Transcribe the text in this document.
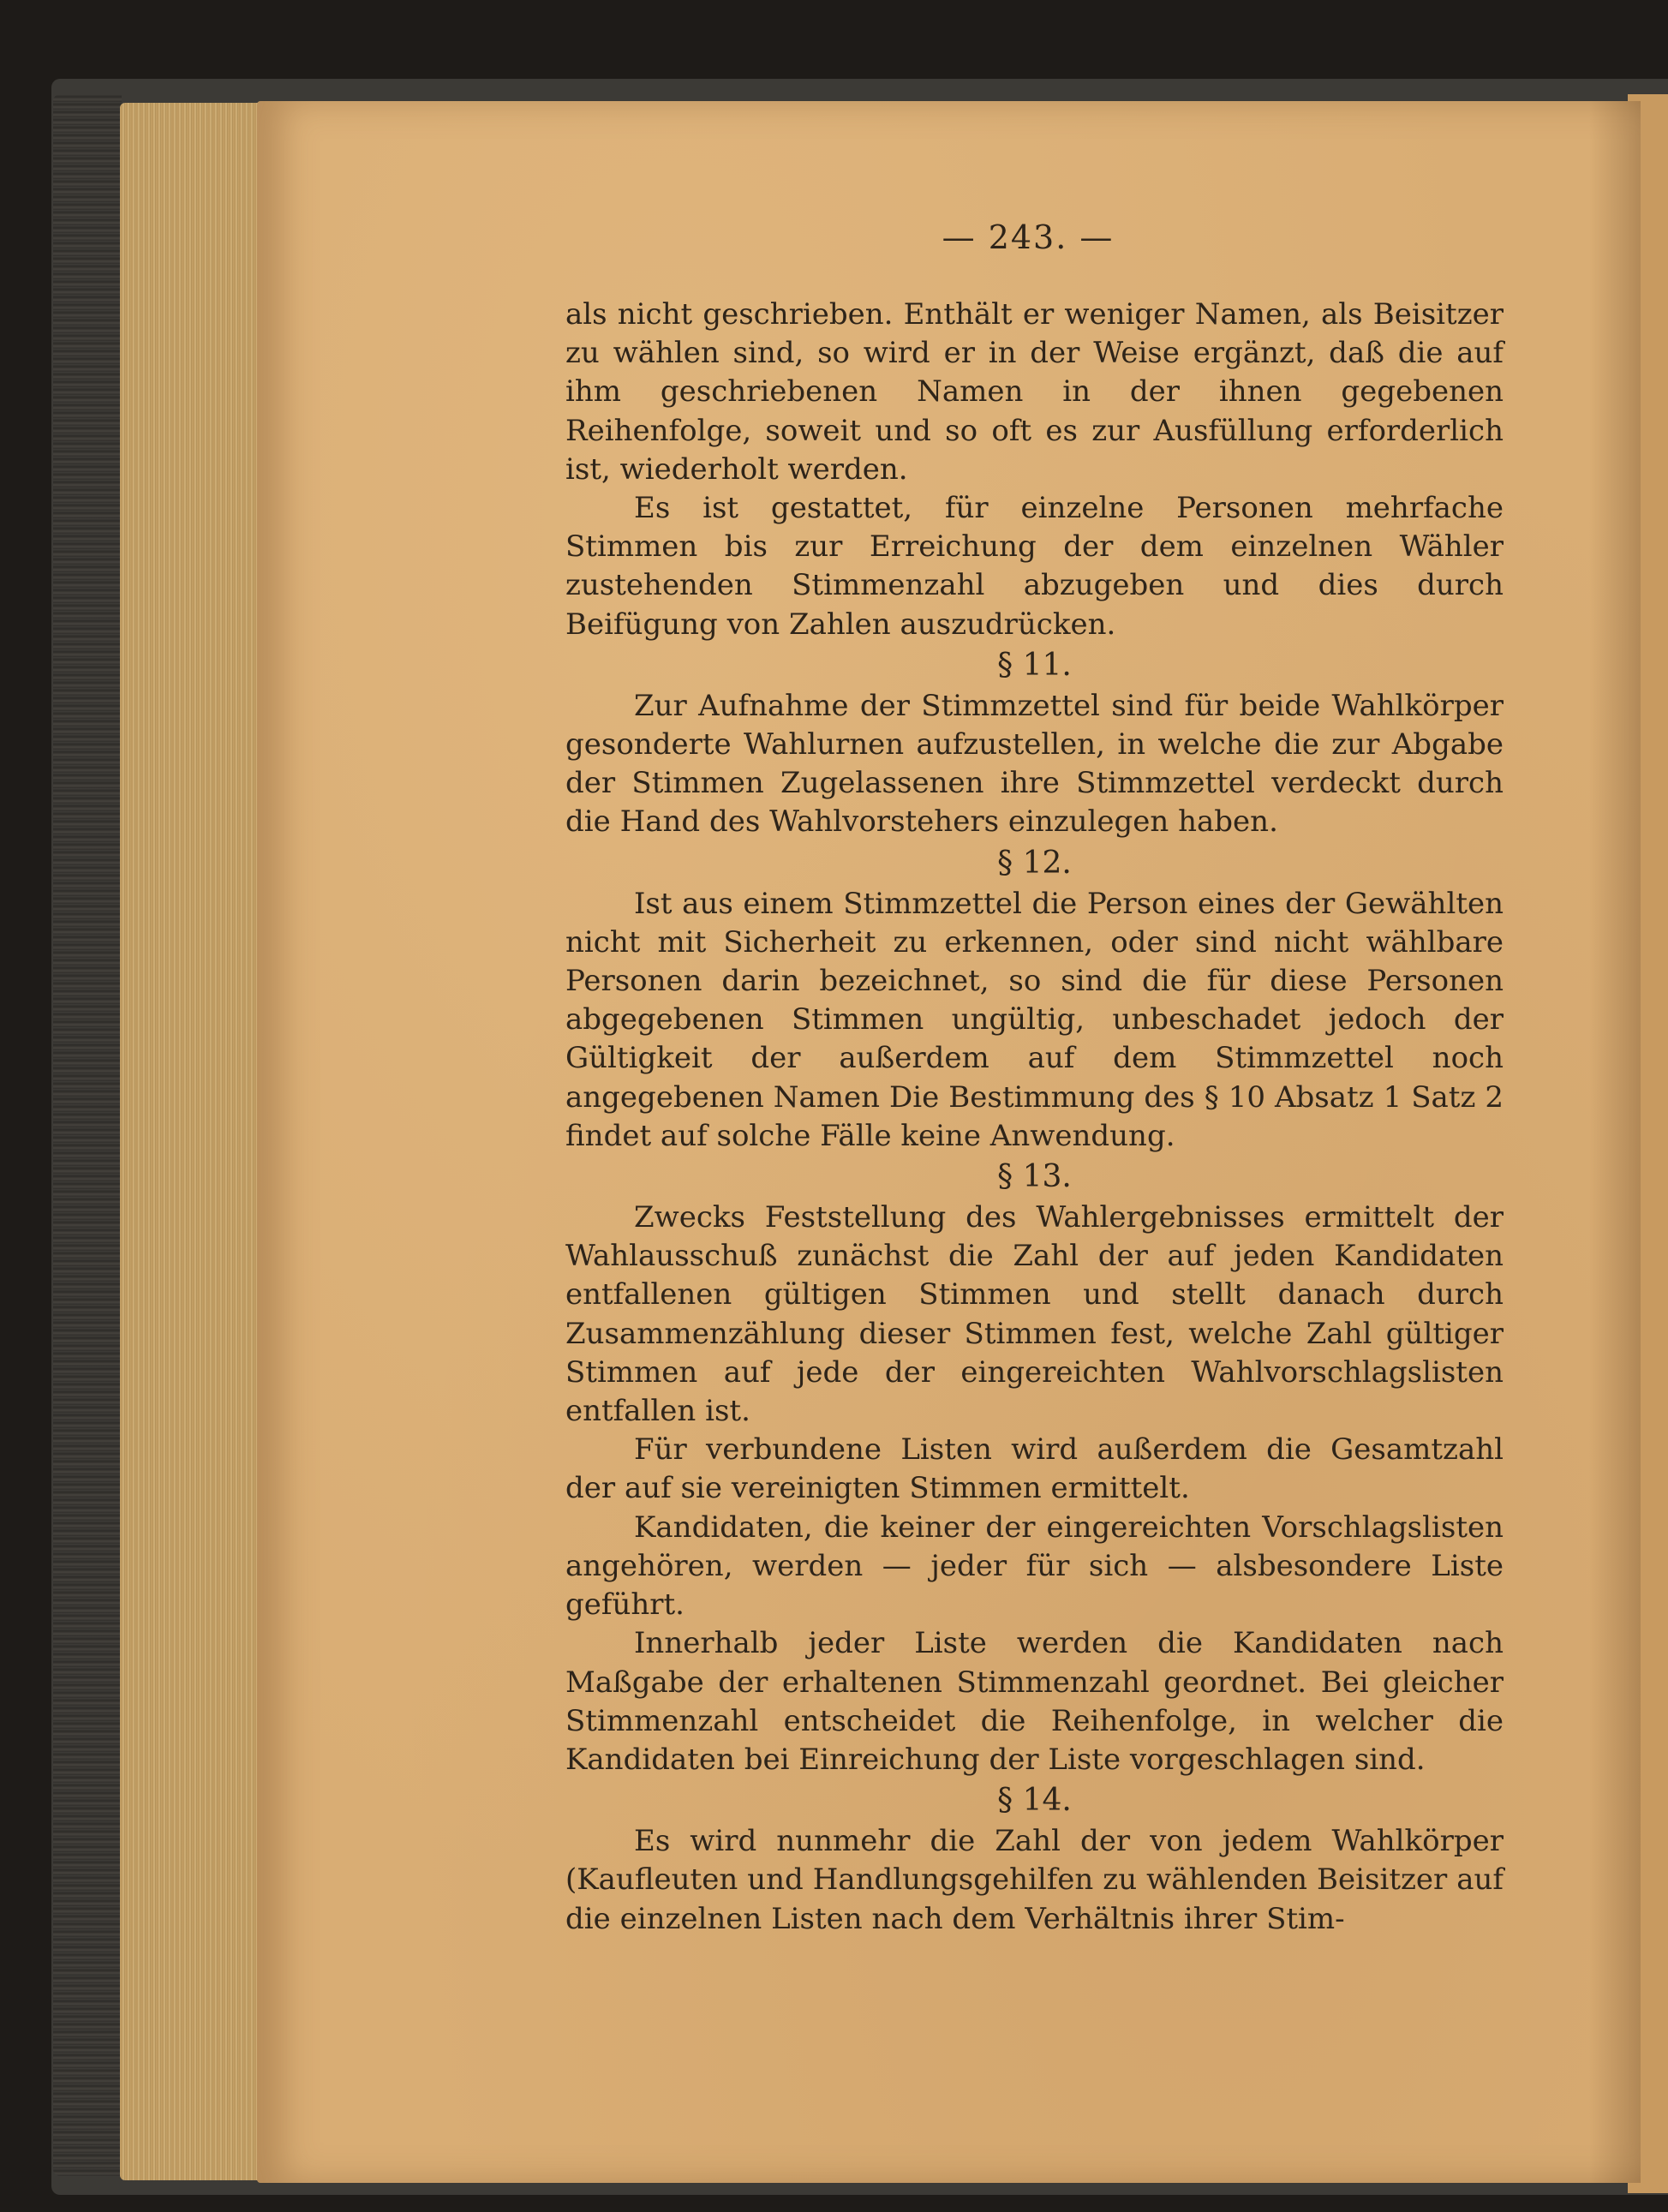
— 243. —

als nicht geschrieben. Enthält er weniger Namen, als Beisitzer zu wählen sind, so wird er in der Weise ergänzt, daß die auf ihm geschriebenen Namen in der ihnen gegebenen Reihenfolge, soweit und so oft es zur Ausfüllung erforderlich ist, wiederholt werden.

Es ist gestattet, für einzelne Personen mehrfache Stimmen bis zur Erreichung der dem einzelnen Wähler zustehenden Stimmenzahl abzugeben und dies durch Beifügung von Zahlen auszudrücken.

§ 11.

Zur Aufnahme der Stimmzettel sind für beide Wahlkörper gesonderte Wahlurnen aufzustellen, in welche die zur Abgabe der Stimmen Zugelassenen ihre Stimmzettel verdeckt durch die Hand des Wahlvorstehers einzulegen haben.

§ 12.

Ist aus einem Stimmzettel die Person eines der Gewählten nicht mit Sicherheit zu erkennen, oder sind nicht wählbare Personen darin bezeichnet, so sind die für diese Personen abgegebenen Stimmen ungültig, unbeschadet jedoch der Gültigkeit der außerdem auf dem Stimmzettel noch angegebenen Namen Die Bestimmung des § 10 Absatz 1 Satz 2 findet auf solche Fälle keine Anwendung.

§ 13.

Zwecks Feststellung des Wahlergebnisses ermittelt der Wahlausschuß zunächst die Zahl der auf jeden Kandidaten entfallenen gültigen Stimmen und stellt danach durch Zusammenzählung dieser Stimmen fest, welche Zahl gültiger Stimmen auf jede der eingereichten Wahlvorschlagslisten entfallen ist.

Für verbundene Listen wird außerdem die Gesamtzahl der auf sie vereinigten Stimmen ermittelt.

Kandidaten, die keiner der eingereichten Vorschlagslisten angehören, werden — jeder für sich — alsbesondere Liste geführt.

Innerhalb jeder Liste werden die Kandidaten nach Maßgabe der erhaltenen Stimmenzahl geordnet. Bei gleicher Stimmenzahl entscheidet die Reihenfolge, in welcher die Kandidaten bei Einreichung der Liste vorgeschlagen sind.

§ 14.

Es wird nunmehr die Zahl der von jedem Wahlkörper (Kaufleuten und Handlungsgehilfen zu wählenden Beisitzer auf die einzelnen Listen nach dem Verhältnis ihrer Stim-
